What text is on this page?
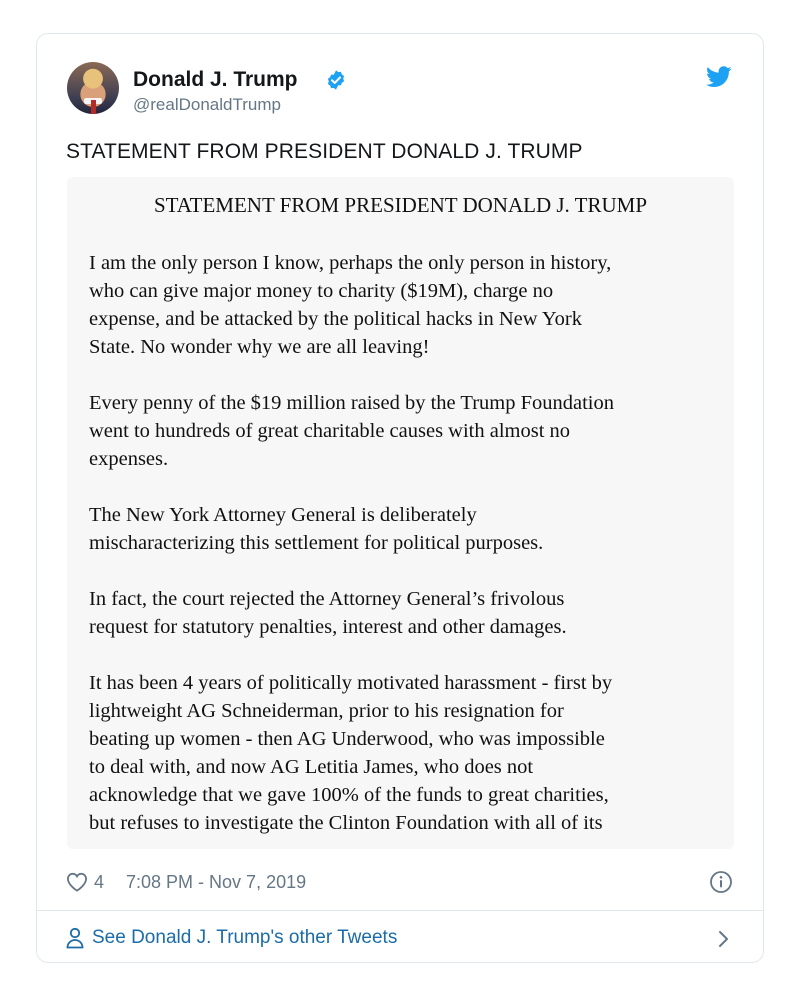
Donald J. Trump
@realDonaldTrump
STATEMENT FROM PRESIDENT DONALD J. TRUMP
STATEMENT FROM PRESIDENT DONALD J. TRUMP

I am the only person I know, perhaps the only person in history,
who can give major money to charity ($19M), charge no
expense, and be attacked by the political hacks in New York
State. No wonder why we are all leaving!

Every penny of the $19 million raised by the Trump Foundation
went to hundreds of great charitable causes with almost no
expenses.

The New York Attorney General is deliberately
mischaracterizing this settlement for political purposes.

In fact, the court rejected the Attorney General’s frivolous
request for statutory penalties, interest and other damages.

It has been 4 years of politically motivated harassment - first by
lightweight AG Schneiderman, prior to his resignation for
beating up women - then AG Underwood, who was impossible
to deal with, and now AG Letitia James, who does not
acknowledge that we gave 100% of the funds to great charities,
but refuses to investigate the Clinton Foundation with all of its

4 7:08 PM - Nov 7, 2019
See Donald J. Trump's other Tweets
